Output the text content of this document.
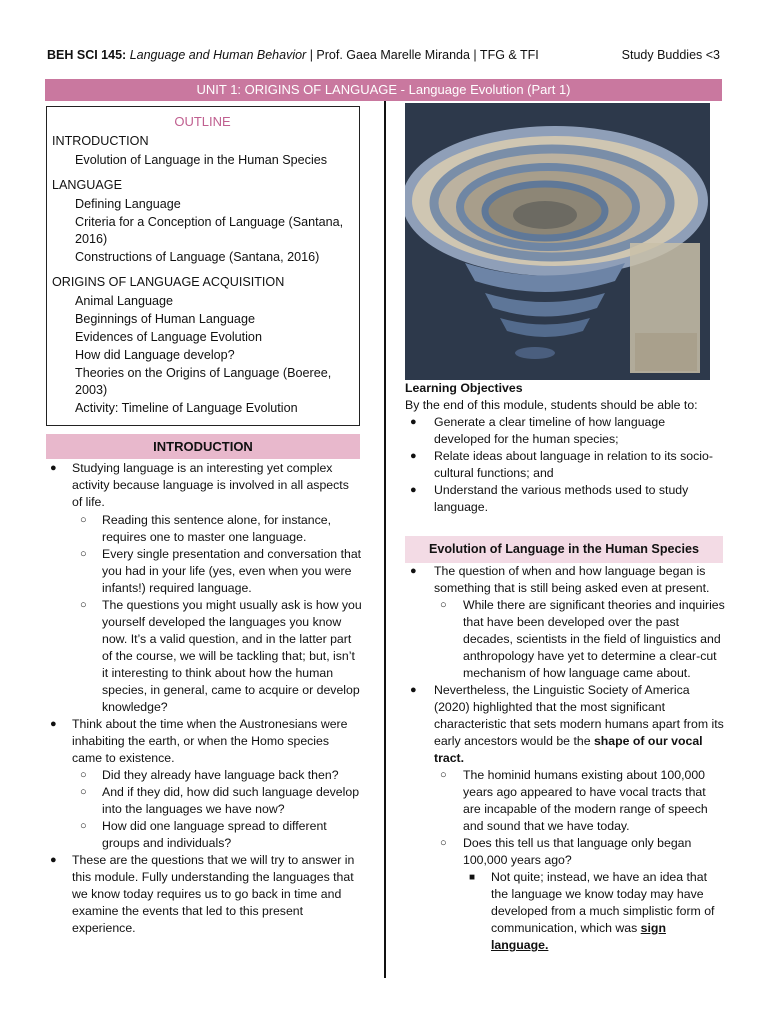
BEH SCI 145: Language and Human Behavior | Prof. Gaea Marelle Miranda | TFG & TFI	Study Buddies <3
UNIT 1: ORIGINS OF LANGUAGE - Language Evolution (Part 1)
OUTLINE
INTRODUCTION
Evolution of Language in the Human Species
LANGUAGE
Defining Language
Criteria for a Conception of Language (Santana, 2016)
Constructions of Language (Santana, 2016)
ORIGINS OF LANGUAGE ACQUISITION
Animal Language
Beginnings of Human Language
Evidences of Language Evolution
How did Language develop?
Theories on the Origins of Language (Boeree, 2003)
Activity: Timeline of Language Evolution
INTRODUCTION
● Studying language is an interesting yet complex activity because language is involved in all aspects of life.
○ Reading this sentence alone, for instance, requires one to master one language.
○ Every single presentation and conversation that you had in your life (yes, even when you were infants!) required language.
○ The questions you might usually ask is how you yourself developed the languages you know now. It’s a valid question, and in the latter part of the course, we will be tackling that; but, isn’t it interesting to think about how the human species, in general, came to acquire or develop knowledge?
● Think about the time when the Austronesians were inhabiting the earth, or when the Homo species came to existence.
○ Did they already have language back then?
○ And if they did, how did such language develop into the languages we have now?
○ How did one language spread to different groups and individuals?
● These are the questions that we will try to answer in this module. Fully understanding the languages that we know today requires us to go back in time and examine the events that led to this present experience.
Learning Objectives
By the end of this module, students should be able to:
● Generate a clear timeline of how language developed for the human species;
● Relate ideas about language in relation to its socio-cultural functions; and
● Understand the various methods used to study language.
Evolution of Language in the Human Species
● The question of when and how language began is something that is still being asked even at present.
○ While there are significant theories and inquiries that have been developed over the past decades, scientists in the field of linguistics and anthropology have yet to determine a clear-cut mechanism of how language came about.
● Nevertheless, the Linguistic Society of America (2020) highlighted that the most significant characteristic that sets modern humans apart from its early ancestors would be the shape of our vocal tract.
○ The hominid humans existing about 100,000 years ago appeared to have vocal tracts that are incapable of the modern range of speech and sound that we have today.
○ Does this tell us that language only began 100,000 years ago?
■ Not quite; instead, we have an idea that the language we know today may have developed from a much simplistic form of communication, which was sign language.
